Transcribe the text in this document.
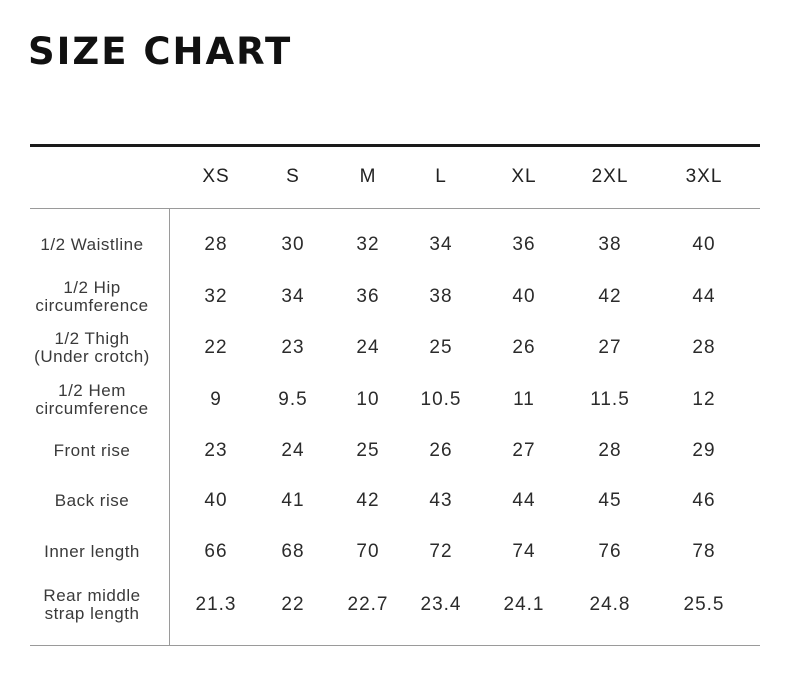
SIZE CHART
XS	S	M	L	XL	2XL	3XL
1/2 Waistline	28	30	32	34	36	38	40
1/2 Hip
circumference	32	34	36	38	40	42	44
1/2 Thigh
(Under crotch)	22	23	24	25	26	27	28
1/2 Hem
circumference	9	9.5	10	10.5	11	11.5	12
Front rise	23	24	25	26	27	28	29
Back rise	40	41	42	43	44	45	46
Inner length	66	68	70	72	74	76	78
Rear middle
strap length	21.3	22	22.7	23.4	24.1	24.8	25.5
